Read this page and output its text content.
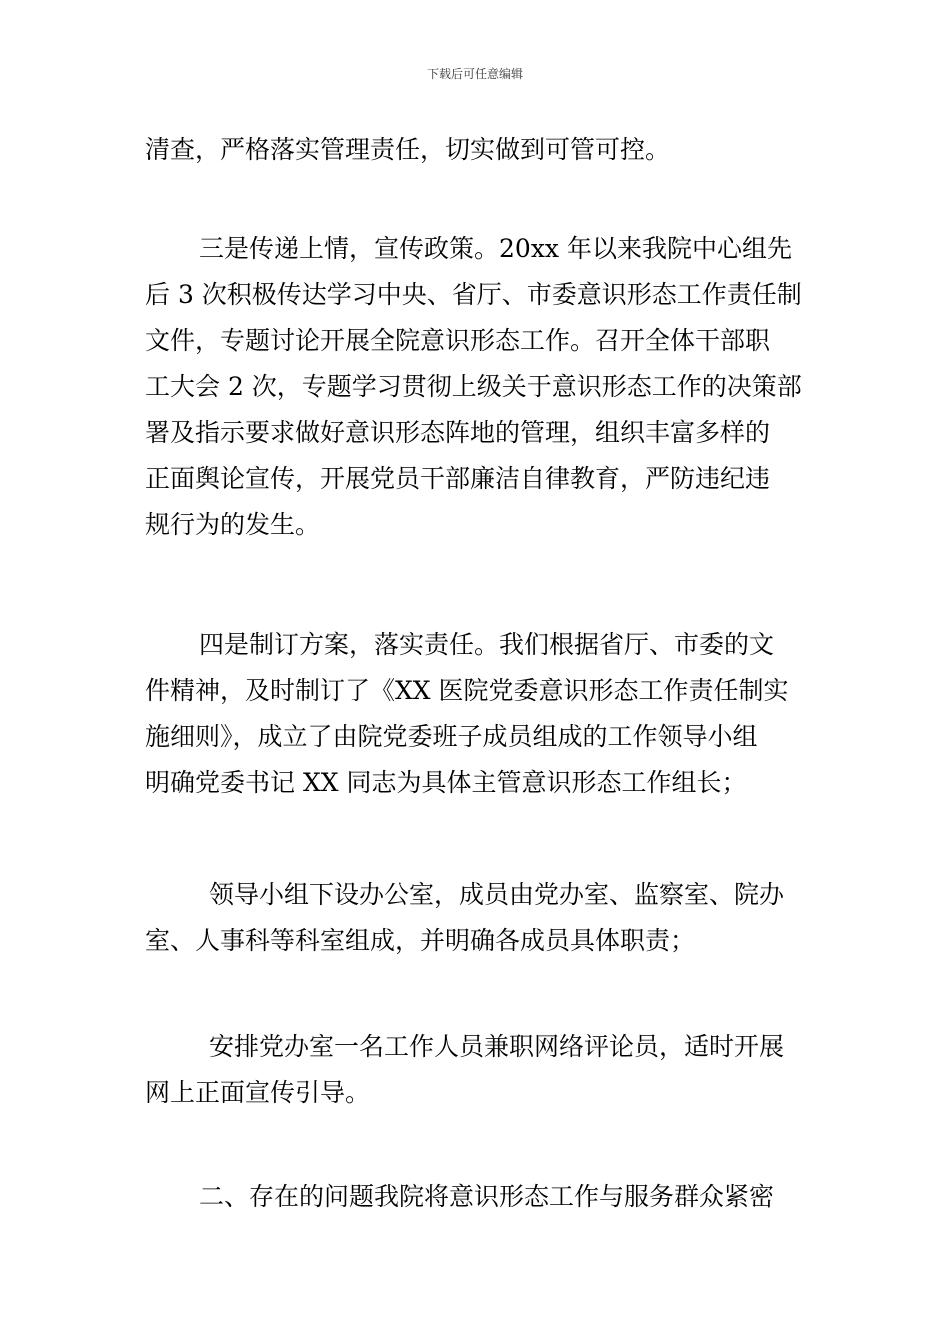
下载后可任意编辑
清查，严格落实管理责任，切实做到可管可控。
三是传递上情，宣传政策。20xx 年以来我院中心组先
后 3 次积极传达学习中央、省厅、市委意识形态工作责任制
文件，专题讨论开展全院意识形态工作。召开全体干部职
工大会 2 次，专题学习贯彻上级关于意识形态工作的决策部
署及指示要求做好意识形态阵地的管理，组织丰富多样的
正面舆论宣传，开展党员干部廉洁自律教育，严防违纪违
规行为的发生。
四是制订方案，落实责任。我们根据省厅、市委的文
件精神，及时制订了《XX 医院党委意识形态工作责任制实
施细则》，成立了由院党委班子成员组成的工作领导小组
明确党委书记 XX 同志为具体主管意识形态工作组长；
领导小组下设办公室，成员由党办室、监察室、院办
室、人事科等科室组成，并明确各成员具体职责；
安排党办室一名工作人员兼职网络评论员，适时开展
网上正面宣传引导。
二、存在的问题我院将意识形态工作与服务群众紧密
